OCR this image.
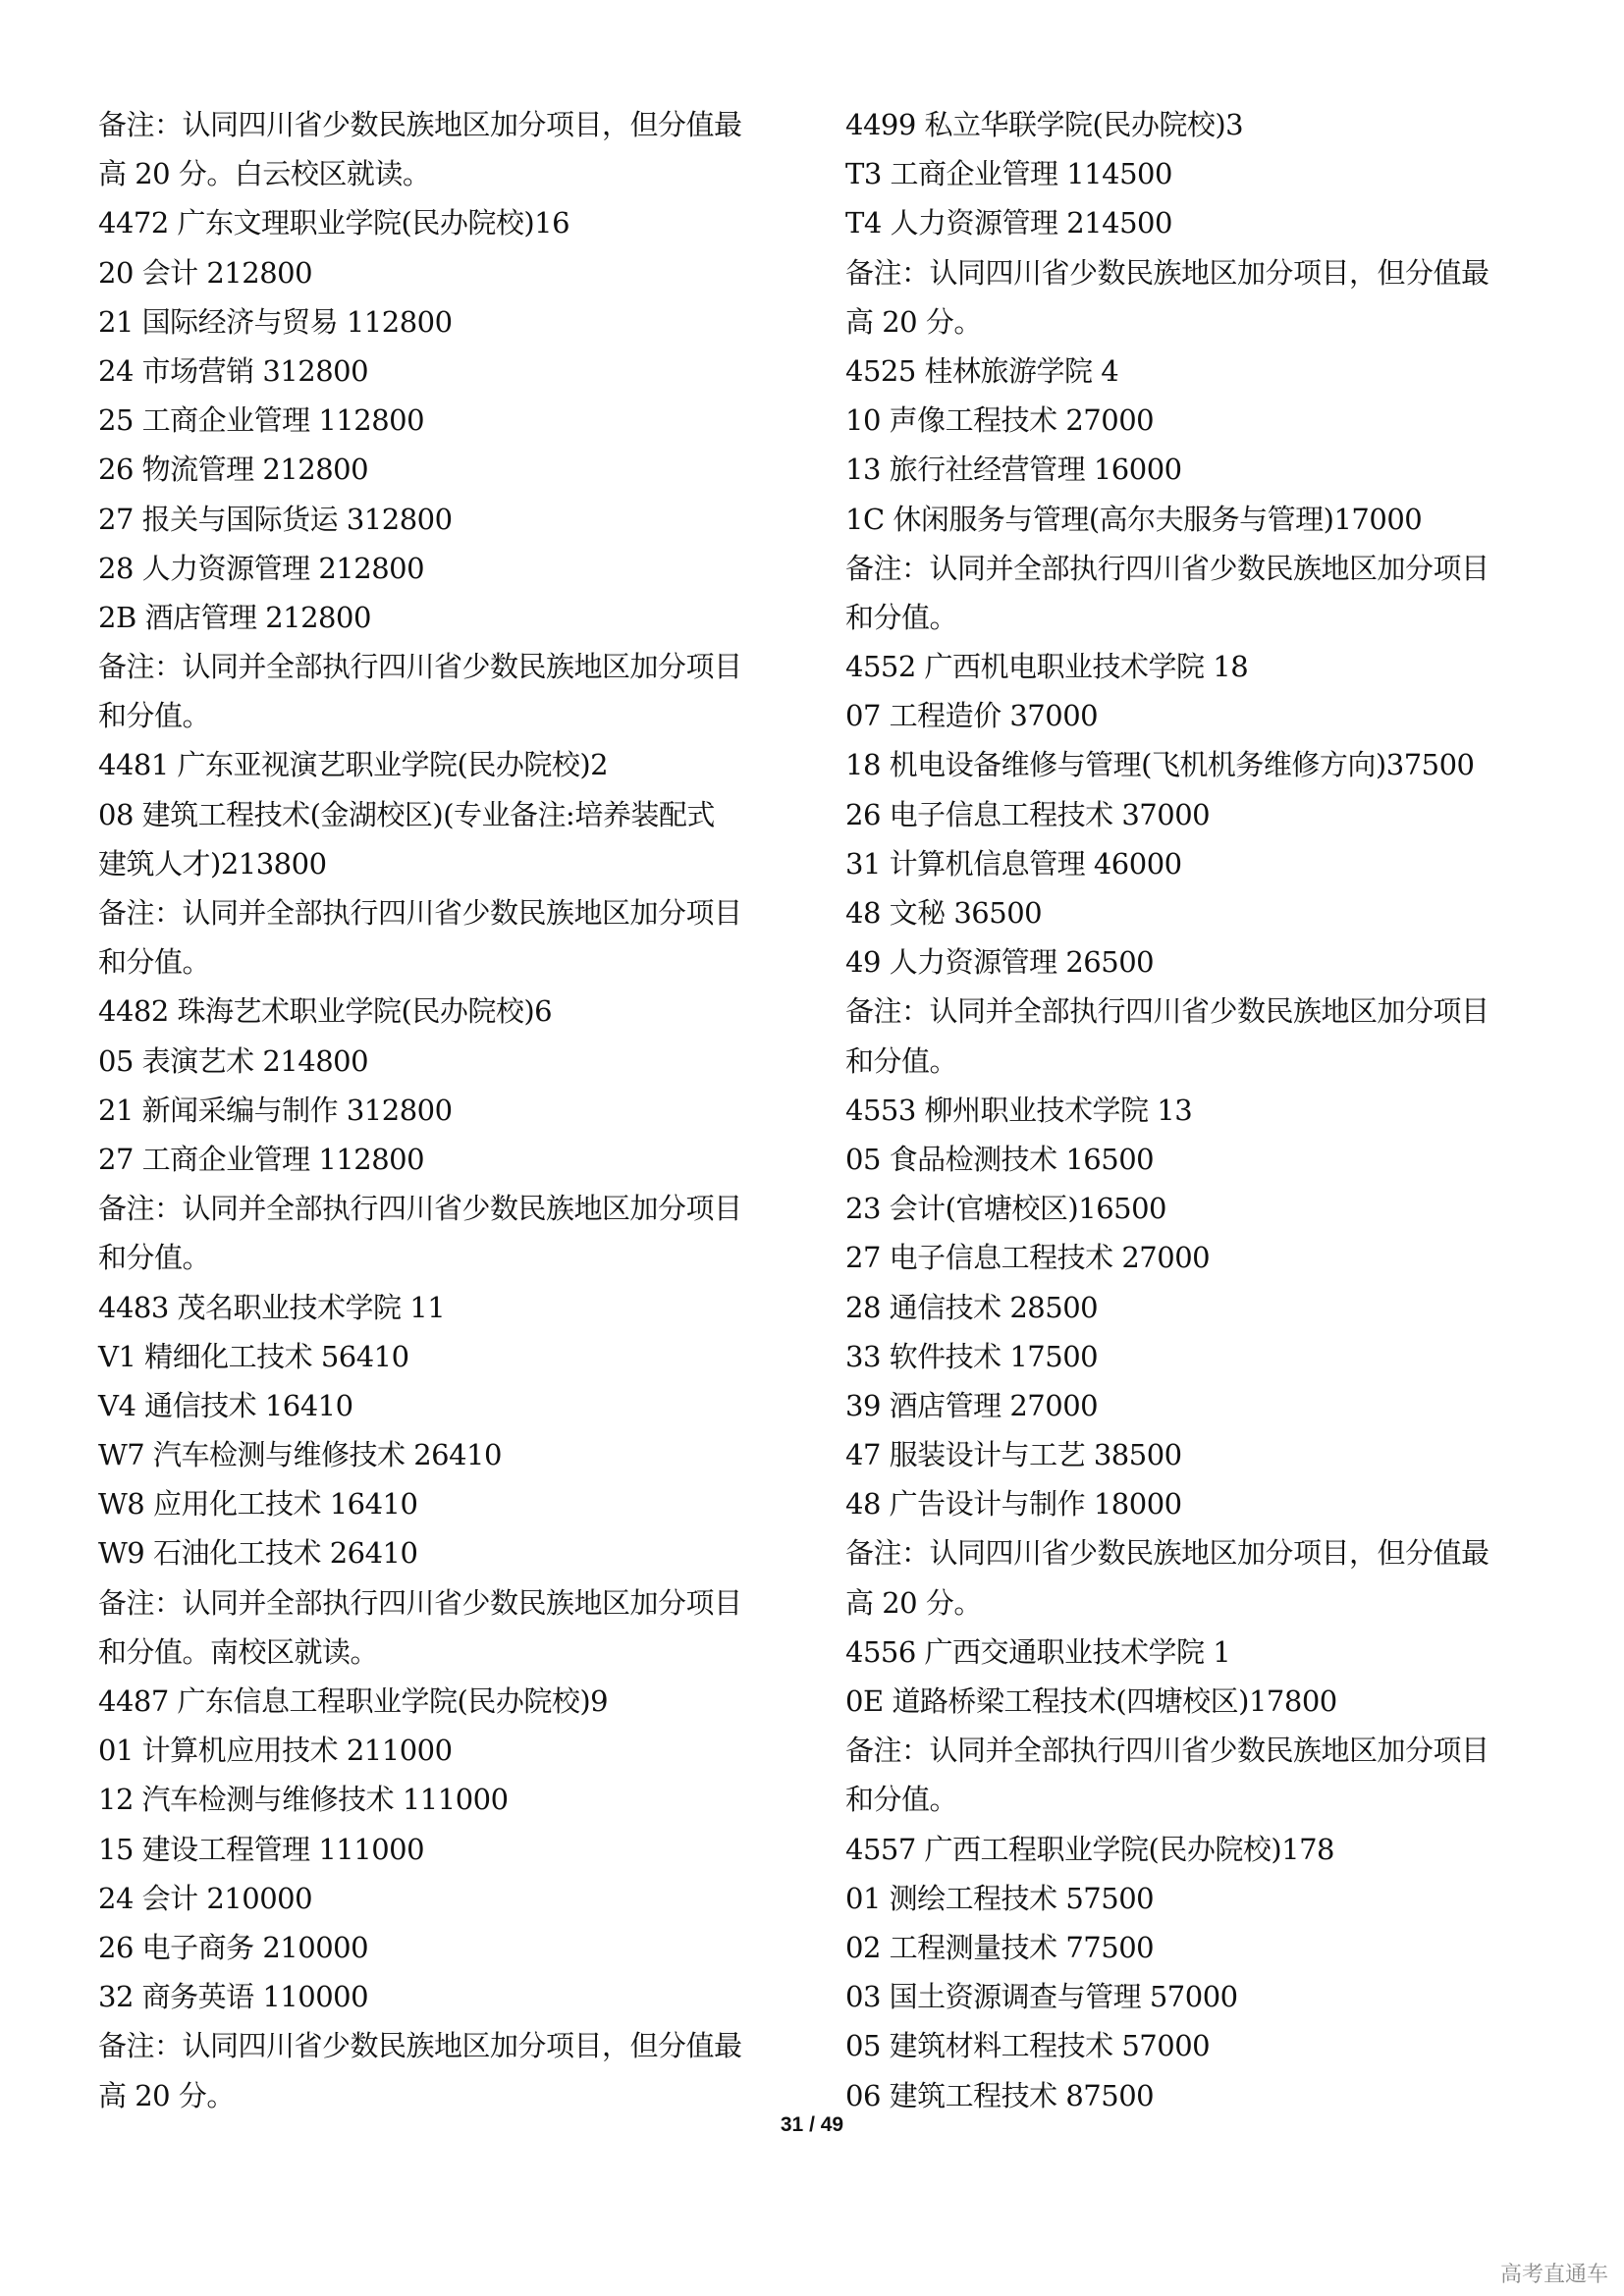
备注：认同四川省少数民族地区加分项目，但分值最
高 20 分。白云校区就读。
4472 广东文理职业学院(民办院校)16
20 会计 212800
21 国际经济与贸易 112800
24 市场营销 312800
25 工商企业管理 112800
26 物流管理 212800
27 报关与国际货运 312800
28 人力资源管理 212800
2B 酒店管理 212800
备注：认同并全部执行四川省少数民族地区加分项目
和分值。
4481 广东亚视演艺职业学院(民办院校)2
08 建筑工程技术(金湖校区)(专业备注:培养装配式
建筑人才)213800
备注：认同并全部执行四川省少数民族地区加分项目
和分值。
4482 珠海艺术职业学院(民办院校)6
05 表演艺术 214800
21 新闻采编与制作 312800
27 工商企业管理 112800
备注：认同并全部执行四川省少数民族地区加分项目
和分值。
4483 茂名职业技术学院 11
V1 精细化工技术 56410
V4 通信技术 16410
W7 汽车检测与维修技术 26410
W8 应用化工技术 16410
W9 石油化工技术 26410
备注：认同并全部执行四川省少数民族地区加分项目
和分值。南校区就读。
4487 广东信息工程职业学院(民办院校)9
01 计算机应用技术 211000
12 汽车检测与维修技术 111000
15 建设工程管理 111000
24 会计 210000
26 电子商务 210000
32 商务英语 110000
备注：认同四川省少数民族地区加分项目，但分值最
高 20 分。
4499 私立华联学院(民办院校)3
T3 工商企业管理 114500
T4 人力资源管理 214500
备注：认同四川省少数民族地区加分项目，但分值最
高 20 分。
4525 桂林旅游学院 4
10 声像工程技术 27000
13 旅行社经营管理 16000
1C 休闲服务与管理(高尔夫服务与管理)17000
备注：认同并全部执行四川省少数民族地区加分项目
和分值。
4552 广西机电职业技术学院 18
07 工程造价 37000
18 机电设备维修与管理(飞机机务维修方向)37500
26 电子信息工程技术 37000
31 计算机信息管理 46000
48 文秘 36500
49 人力资源管理 26500
备注：认同并全部执行四川省少数民族地区加分项目
和分值。
4553 柳州职业技术学院 13
05 食品检测技术 16500
23 会计(官塘校区)16500
27 电子信息工程技术 27000
28 通信技术 28500
33 软件技术 17500
39 酒店管理 27000
47 服装设计与工艺 38500
48 广告设计与制作 18000
备注：认同四川省少数民族地区加分项目，但分值最
高 20 分。
4556 广西交通职业技术学院 1
0E 道路桥梁工程技术(四塘校区)17800
备注：认同并全部执行四川省少数民族地区加分项目
和分值。
4557 广西工程职业学院(民办院校)178
01 测绘工程技术 57500
02 工程测量技术 77500
03 国土资源调查与管理 57000
05 建筑材料工程技术 57000
06 建筑工程技术 87500
31 / 49
高考直通车
